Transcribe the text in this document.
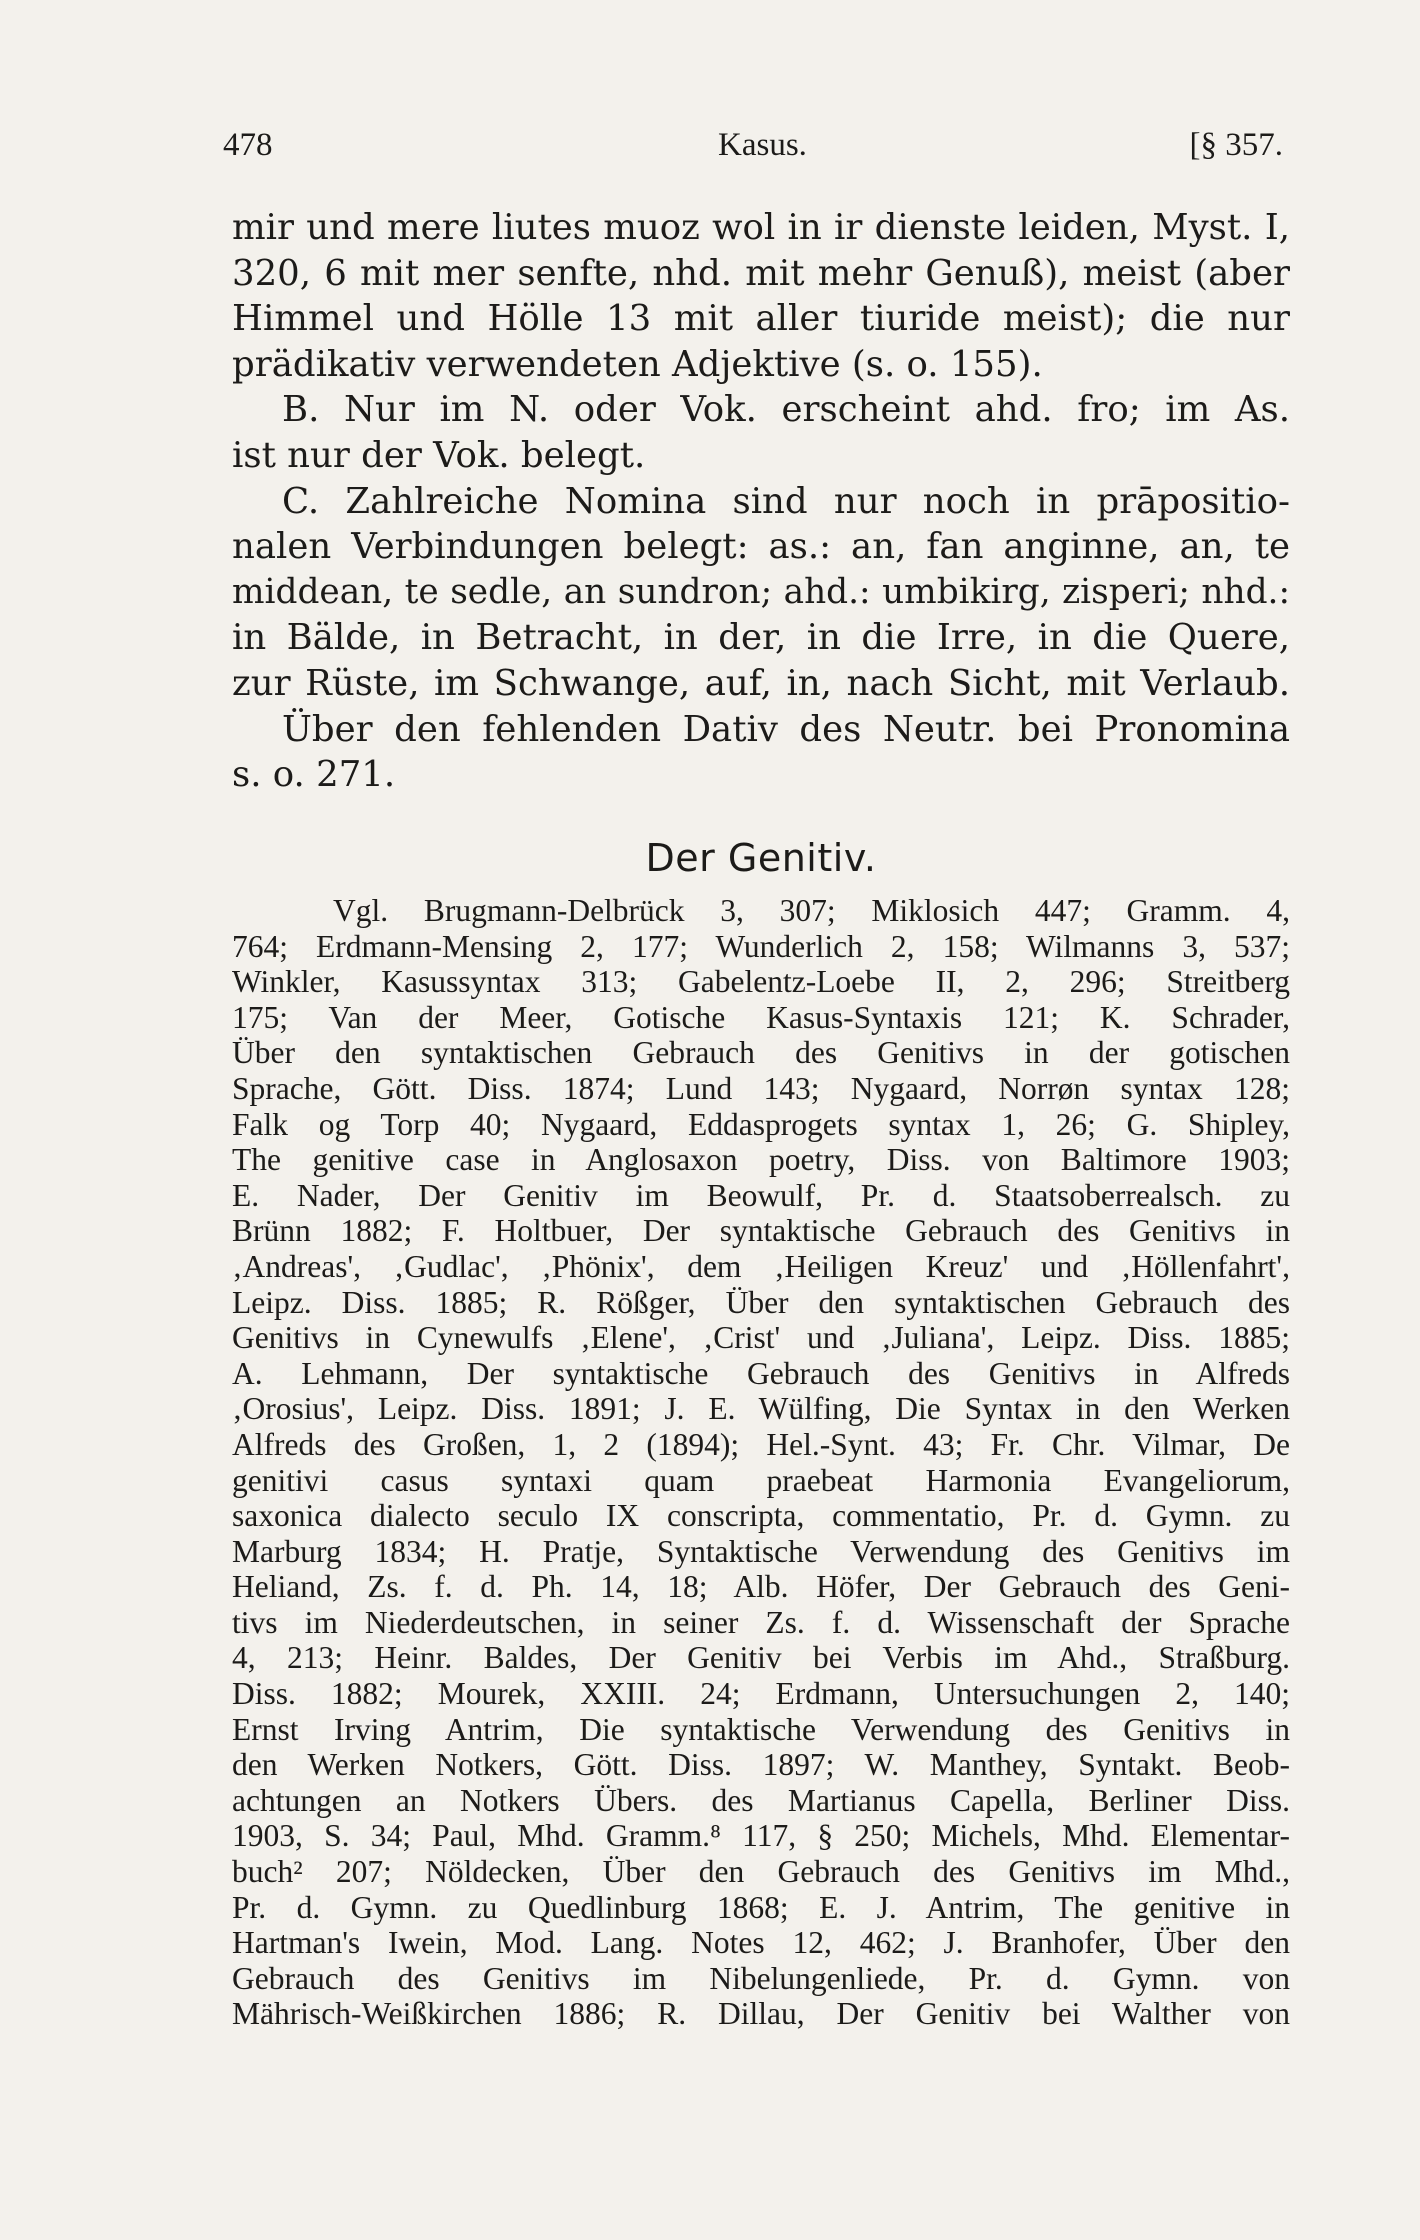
478	Kasus.	[§ 357.
mir und mere liutes muoz wol in ir dienste leiden, Myst. I,
320, 6 mit mer senfte, nhd. mit mehr Genuß), meist (aber
Himmel und Hölle 13 mit aller tiuride meist); die nur
prädikativ verwendeten Adjektive (s. o. 155).
B. Nur im N. oder Vok. erscheint ahd. fro; im As.
ist nur der Vok. belegt.
C. Zahlreiche Nomina sind nur noch in prāpositio-
nalen Verbindungen belegt: as.: an, fan anginne, an, te
middean, te sedle, an sundron; ahd.: umbikirg, zisperi; nhd.:
in Bälde, in Betracht, in der, in die Irre, in die Quere,
zur Rüste, im Schwange, auf, in, nach Sicht, mit Verlaub.
Über den fehlenden Dativ des Neutr. bei Pronomina
s. o. 271.
Der Genitiv.
Vgl. Brugmann-Delbrück 3, 307; Miklosich 447; Gramm. 4,
764; Erdmann-Mensing 2, 177; Wunderlich 2, 158; Wilmanns 3, 537;
Winkler, Kasussyntax 313; Gabelentz-Loebe II, 2, 296; Streitberg
175; Van der Meer, Gotische Kasus-Syntaxis 121; K. Schrader,
Über den syntaktischen Gebrauch des Genitivs in der gotischen
Sprache, Gött. Diss. 1874; Lund 143; Nygaard, Norrøn syntax 128;
Falk og Torp 40; Nygaard, Eddasprogets syntax 1, 26; G. Shipley,
The genitive case in Anglosaxon poetry, Diss. von Baltimore 1903;
E. Nader, Der Genitiv im Beowulf, Pr. d. Staatsoberrealsch. zu
Brünn 1882; F. Holtbuer, Der syntaktische Gebrauch des Genitivs in
‚Andreas', ‚Gudlac', ‚Phönix', dem ‚Heiligen Kreuz' und ‚Höllenfahrt',
Leipz. Diss. 1885; R. Rößger, Über den syntaktischen Gebrauch des
Genitivs in Cynewulfs ‚Elene', ‚Crist' und ‚Juliana', Leipz. Diss. 1885;
A. Lehmann, Der syntaktische Gebrauch des Genitivs in Alfreds
‚Orosius', Leipz. Diss. 1891; J. E. Wülfing, Die Syntax in den Werken
Alfreds des Großen, 1, 2 (1894); Hel.-Synt. 43; Fr. Chr. Vilmar, De
genitivi casus syntaxi quam praebeat Harmonia Evangeliorum,
saxonica dialecto seculo IX conscripta, commentatio, Pr. d. Gymn. zu
Marburg 1834; H. Pratje, Syntaktische Verwendung des Genitivs im
Heliand, Zs. f. d. Ph. 14, 18; Alb. Höfer, Der Gebrauch des Geni-
tivs im Niederdeutschen, in seiner Zs. f. d. Wissenschaft der Sprache
4, 213; Heinr. Baldes, Der Genitiv bei Verbis im Ahd., Straßburg.
Diss. 1882; Mourek, XXIII. 24; Erdmann, Untersuchungen 2, 140;
Ernst Irving Antrim, Die syntaktische Verwendung des Genitivs in
den Werken Notkers, Gött. Diss. 1897; W. Manthey, Syntakt. Beob-
achtungen an Notkers Übers. des Martianus Capella, Berliner Diss.
1903, S. 34; Paul, Mhd. Gramm.⁸ 117, § 250; Michels, Mhd. Elementar-
buch² 207; Nöldecken, Über den Gebrauch des Genitivs im Mhd.,
Pr. d. Gymn. zu Quedlinburg 1868; E. J. Antrim, The genitive in
Hartman's Iwein, Mod. Lang. Notes 12, 462; J. Branhofer, Über den
Gebrauch des Genitivs im Nibelungenliede, Pr. d. Gymn. von
Mährisch-Weißkirchen 1886; R. Dillau, Der Genitiv bei Walther von
